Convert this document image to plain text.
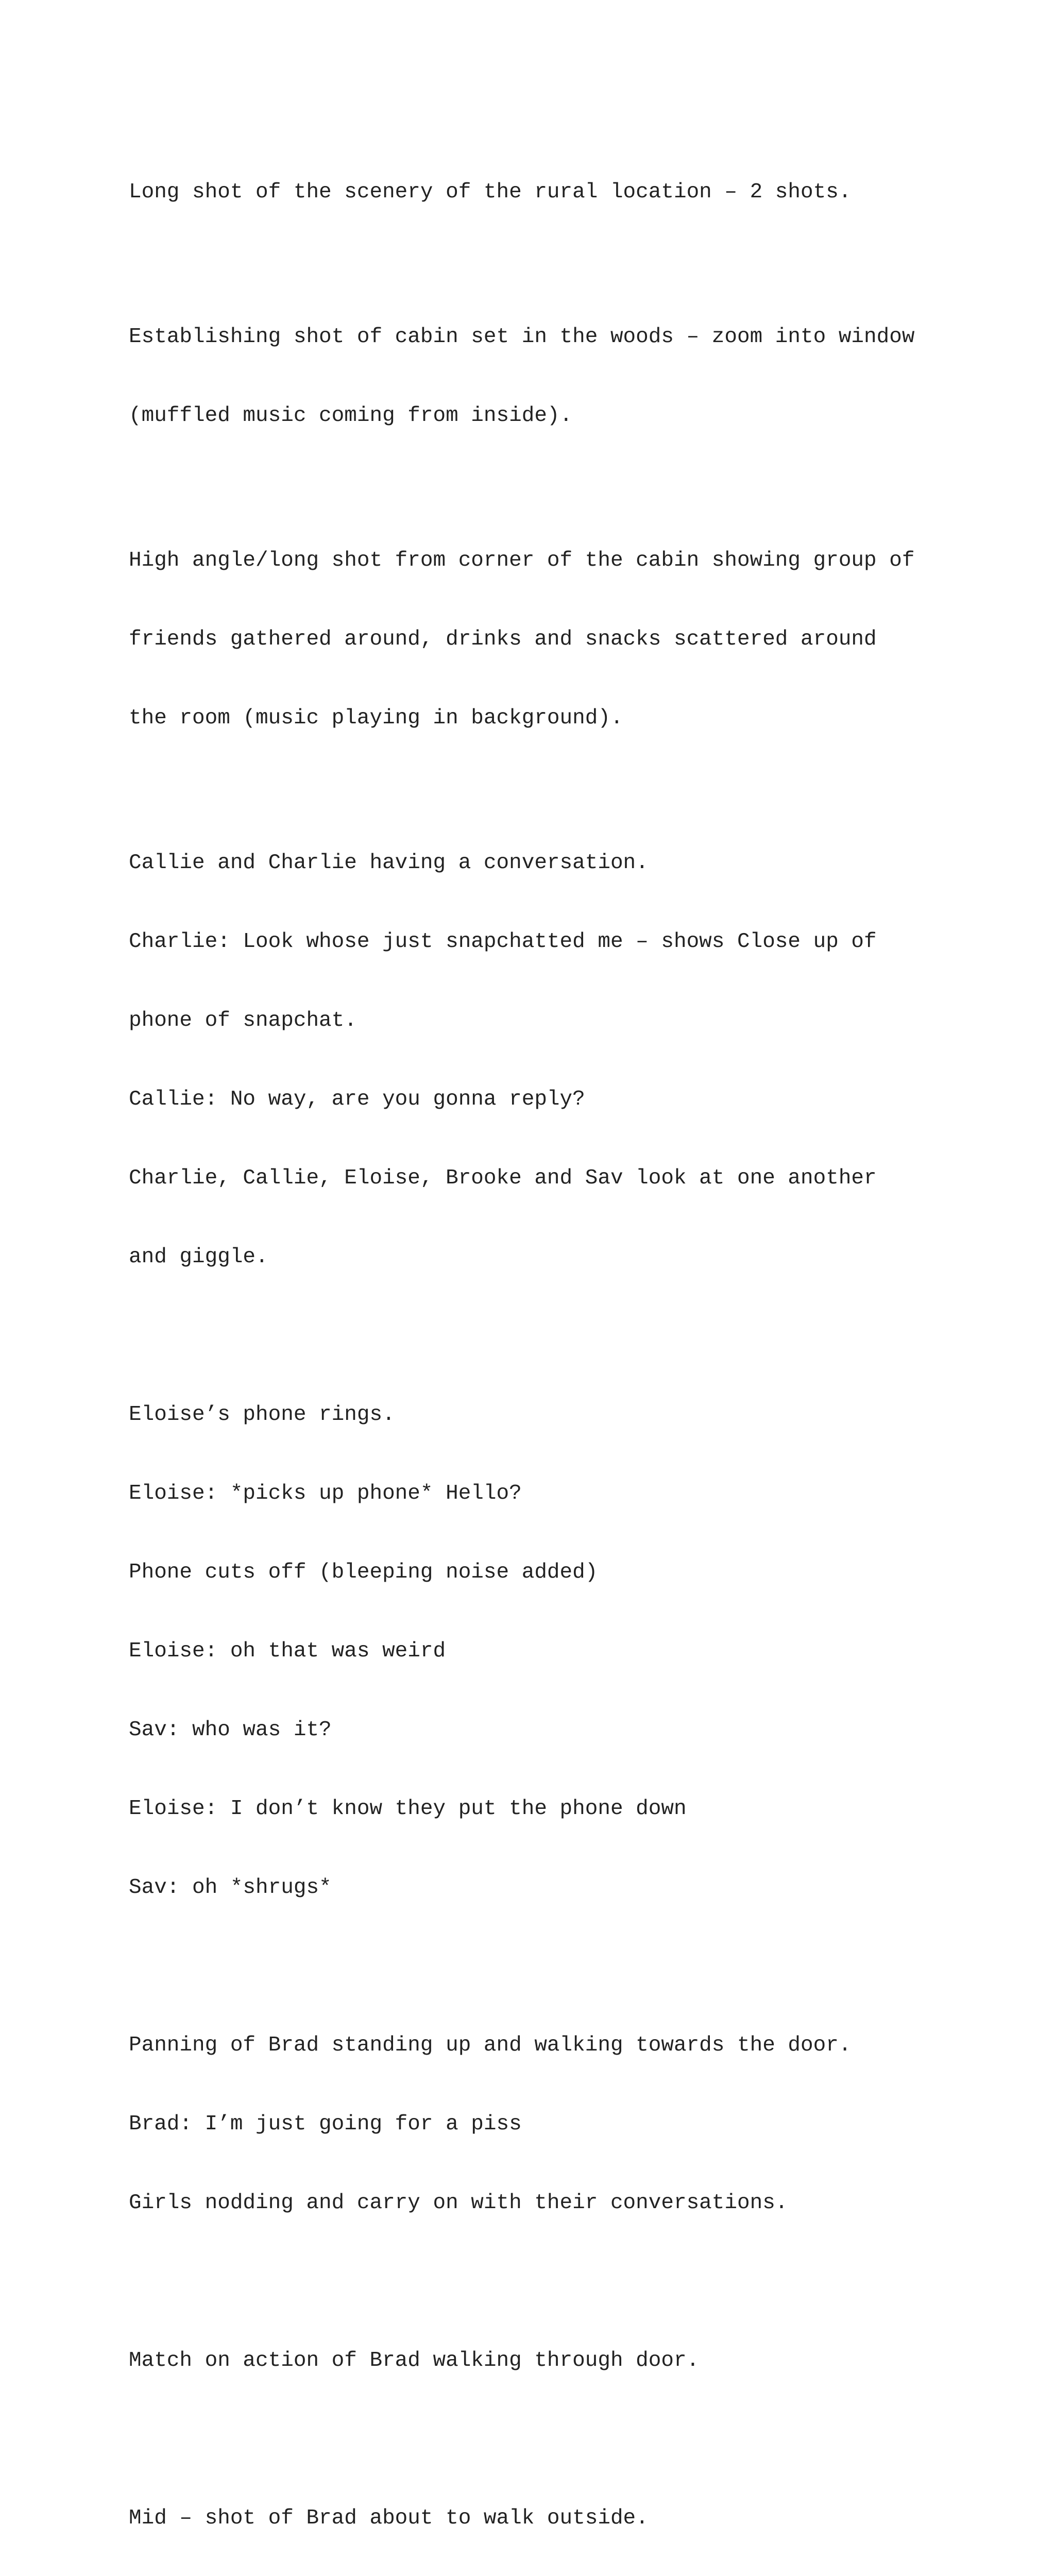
Long shot of the scenery of the rural location – 2 shots.

Establishing shot of cabin set in the woods – zoom into window

(muffled music coming from inside).

High angle/long shot from corner of the cabin showing group of

friends gathered around, drinks and snacks scattered around

the room (music playing in background).

Callie and Charlie having a conversation.

Charlie: Look whose just snapchatted me – shows Close up of

phone of snapchat.

Callie: No way, are you gonna reply?

Charlie, Callie, Eloise, Brooke and Sav look at one another

and giggle.

Eloise’s phone rings.

Eloise: *picks up phone* Hello?

Phone cuts off (bleeping noise added)

Eloise: oh that was weird

Sav: who was it?

Eloise: I don’t know they put the phone down

Sav: oh *shrugs*

Panning of Brad standing up and walking towards the door.

Brad: I’m just going for a piss

Girls nodding and carry on with their conversations.

Match on action of Brad walking through door.

Mid – shot of Brad about to walk outside.
